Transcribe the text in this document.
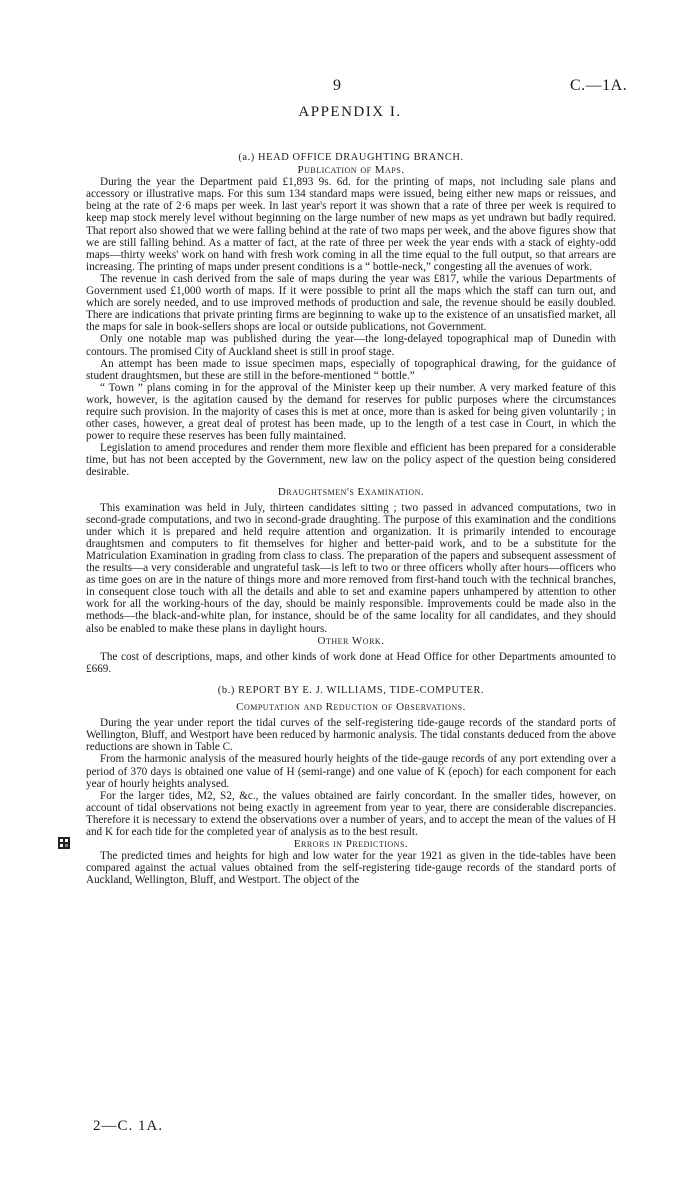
9	C.—1A.
APPENDIX I.
(a.) HEAD OFFICE DRAUGHTING BRANCH.
Publication of Maps.

During the year the Department paid £1,893 9s. 6d. for the printing of maps, not including sale plans and accessory or illustrative maps. For this sum 134 standard maps were issued, being either new maps or reissues, and being at the rate of 2·6 maps per week. In last year's report it was shown that a rate of three per week is required to keep map stock merely level without beginning on the large number of new maps as yet undrawn but badly required. That report also showed that we were falling behind at the rate of two maps per week, and the above figures show that we are still falling behind. As a matter of fact, at the rate of three per week the year ends with a stack of eighty-odd maps—thirty weeks' work on hand with fresh work coming in all the time equal to the full output, so that arrears are increasing. The printing of maps under present conditions is a “ bottle-neck,” congesting all the avenues of work.

The revenue in cash derived from the sale of maps during the year was £817, while the various Departments of Government used £1,000 worth of maps. If it were possible to print all the maps which the staff can turn out, and which are sorely needed, and to use improved methods of production and sale, the revenue should be easily doubled. There are indications that private printing firms are beginning to wake up to the existence of an unsatisfied market, all the maps for sale in book-sellers shops are local or outside publications, not Government.

Only one notable map was published during the year—the long-delayed topographical map of Dunedin with contours. The promised City of Auckland sheet is still in proof stage.

An attempt has been made to issue specimen maps, especially of topographical drawing, for the guidance of student draughtsmen, but these are still in the before-mentioned “ bottle.”

“ Town ” plans coming in for the approval of the Minister keep up their number. A very marked feature of this work, however, is the agitation caused by the demand for reserves for public purposes where the circumstances require such provision. In the majority of cases this is met at once, more than is asked for being given voluntarily ; in other cases, however, a great deal of protest has been made, up to the length of a test case in Court, in which the power to require these reserves has been fully maintained.

Legislation to amend procedures and render them more flexible and efficient has been prepared for a considerable time, but has not been accepted by the Government, new law on the policy aspect of the question being considered desirable.

Draughtsmen's Examination.

This examination was held in July, thirteen candidates sitting ; two passed in advanced computations, two in second-grade computations, and two in second-grade draughting. The purpose of this examination and the conditions under which it is prepared and held require attention and organization. It is primarily intended to encourage draughtsmen and computers to fit themselves for higher and better-paid work, and to be a substitute for the Matriculation Examination in grading from class to class. The preparation of the papers and subsequent assessment of the results—a very considerable and ungrateful task—is left to two or three officers wholly after hours—officers who as time goes on are in the nature of things more and more removed from first-hand touch with the technical branches, in consequent close touch with all the details and able to set and examine papers unhampered by attention to other work for all the working-hours of the day, should be mainly responsible. Improvements could be made also in the methods—the black-and-white plan, for instance, should be of the same locality for all candidates, and they should also be enabled to make these plans in daylight hours.

Other Work.

The cost of descriptions, maps, and other kinds of work done at Head Office for other Departments amounted to £669.

(b.) REPORT BY E. J. WILLIAMS, TIDE-COMPUTER.
Computation and Reduction of Observations.

During the year under report the tidal curves of the self-registering tide-gauge records of the standard ports of Wellington, Bluff, and Westport have been reduced by harmonic analysis. The tidal constants deduced from the above reductions are shown in Table C.

From the harmonic analysis of the measured hourly heights of the tide-gauge records of any port extending over a period of 370 days is obtained one value of H (semi-range) and one value of K (epoch) for each component for each year of hourly heights analysed.

For the larger tides, M2, S2, &c., the values obtained are fairly concordant. In the smaller tides, however, on account of tidal observations not being exactly in agreement from year to year, there are considerable discrepancies. Therefore it is necessary to extend the observations over a number of years, and to accept the mean of the values of H and K for each tide for the completed year of analysis as to the best result.

Errors in Predictions.

The predicted times and heights for high and low water for the year 1921 as given in the tide-tables have been compared against the actual values obtained from the self-registering tide-gauge records of the standard ports of Auckland, Wellington, Bluff, and Westport. The object of the

2—C. 1A.
